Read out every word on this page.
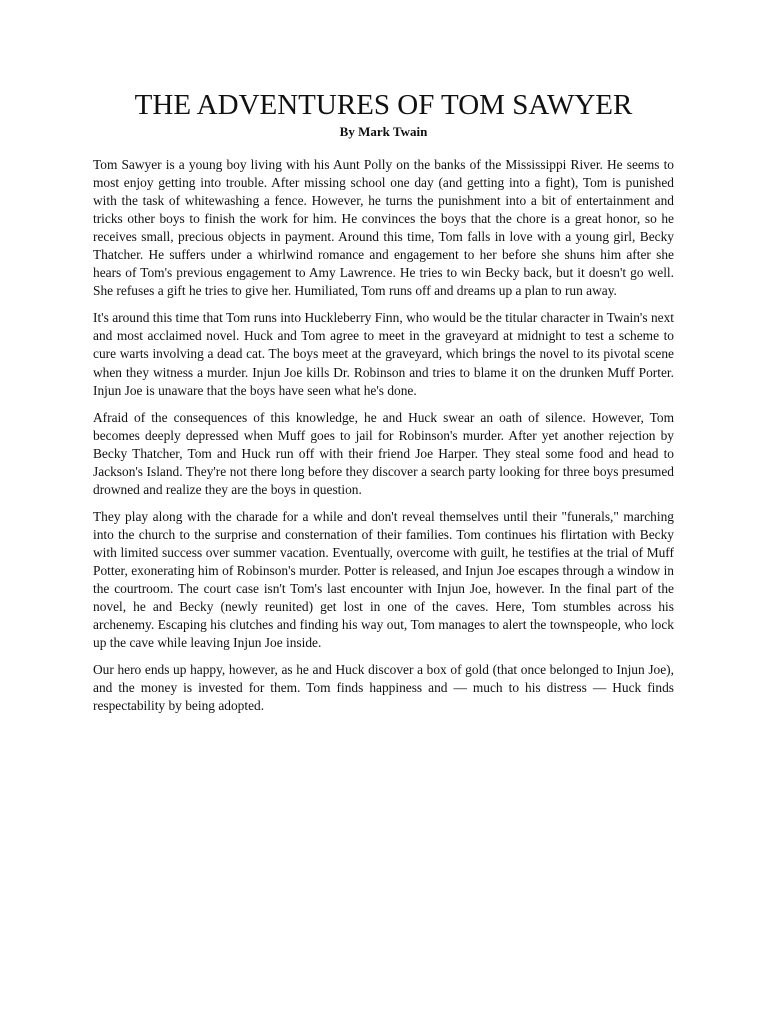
THE ADVENTURES OF TOM SAWYER
By Mark Twain

Tom Sawyer is a young boy living with his Aunt Polly on the banks of the Mississippi River. He seems to most enjoy getting into trouble. After missing school one day (and getting into a fight), Tom is punished with the task of whitewashing a fence. However, he turns the punishment into a bit of entertainment and tricks other boys to finish the work for him. He convinces the boys that the chore is a great honor, so he receives small, precious objects in payment. Around this time, Tom falls in love with a young girl, Becky Thatcher. He suffers under a whirlwind romance and engagement to her before she shuns him after she hears of Tom's previous engagement to Amy Lawrence. He tries to win Becky back, but it doesn't go well. She refuses a gift he tries to give her. Humiliated, Tom runs off and dreams up a plan to run away.

It's around this time that Tom runs into Huckleberry Finn, who would be the titular character in Twain's next and most acclaimed novel. Huck and Tom agree to meet in the graveyard at midnight to test a scheme to cure warts involving a dead cat. The boys meet at the graveyard, which brings the novel to its pivotal scene when they witness a murder. Injun Joe kills Dr. Robinson and tries to blame it on the drunken Muff Porter. Injun Joe is unaware that the boys have seen what he's done.

Afraid of the consequences of this knowledge, he and Huck swear an oath of silence. However, Tom becomes deeply depressed when Muff goes to jail for Robinson's murder. After yet another rejection by Becky Thatcher, Tom and Huck run off with their friend Joe Harper. They steal some food and head to Jackson's Island. They're not there long before they discover a search party looking for three boys presumed drowned and realize they are the boys in question.

They play along with the charade for a while and don't reveal themselves until their "funerals," marching into the church to the surprise and consternation of their families. Tom continues his flirtation with Becky with limited success over summer vacation. Eventually, overcome with guilt, he testifies at the trial of Muff Potter, exonerating him of Robinson's murder. Potter is released, and Injun Joe escapes through a window in the courtroom. The court case isn't Tom's last encounter with Injun Joe, however. In the final part of the novel, he and Becky (newly reunited) get lost in one of the caves. Here, Tom stumbles across his archenemy. Escaping his clutches and finding his way out, Tom manages to alert the townspeople, who lock up the cave while leaving Injun Joe inside.

Our hero ends up happy, however, as he and Huck discover a box of gold (that once belonged to Injun Joe), and the money is invested for them. Tom finds happiness and — much to his distress — Huck finds respectability by being adopted.
